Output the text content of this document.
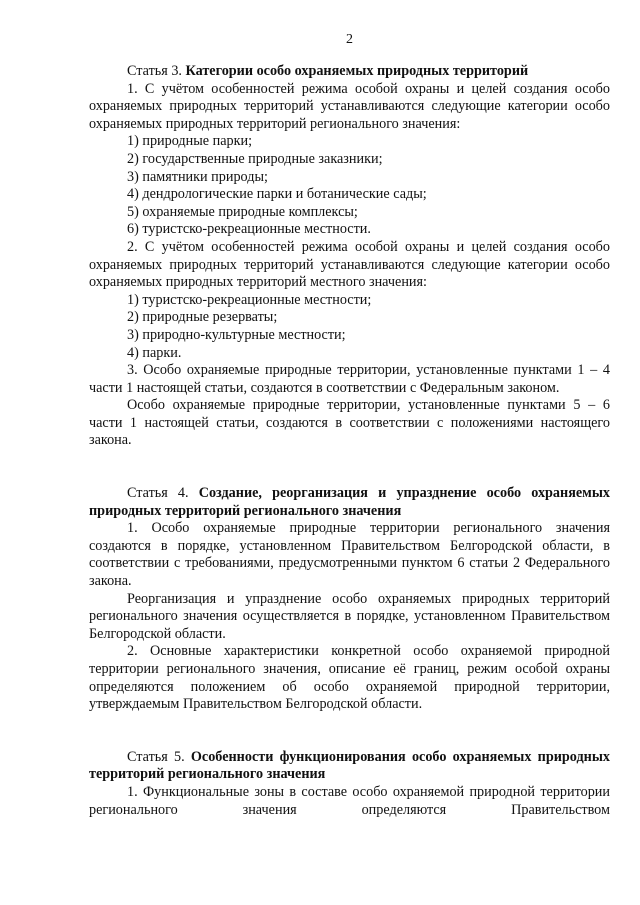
2

Статья 3. Категории особо охраняемых природных территорий

1. С учётом особенностей режима особой охраны и целей создания особо охраняемых природных территорий устанавливаются следующие категории особо охраняемых природных территорий регионального значения:

1) природные парки;

2) государственные природные заказники;

3) памятники природы;

4) дендрологические парки и ботанические сады;

5) охраняемые природные комплексы;

6) туристско-рекреационные местности.

2. С учётом особенностей режима особой охраны и целей создания особо охраняемых природных территорий устанавливаются следующие категории особо охраняемых природных территорий местного значения:

1) туристско-рекреационные местности;

2) природные резерваты;

3) природно-культурные местности;

4) парки.

3. Особо охраняемые природные территории, установленные пунктами 1 – 4 части 1 настоящей статьи, создаются в соответствии с Федеральным законом.

Особо охраняемые природные территории, установленные пунктами 5 – 6 части 1 настоящей статьи, создаются в соответствии с положениями настоящего закона.

Статья 4. Создание, реорганизация и упразднение особо охраняемых природных территорий регионального значения

1. Особо охраняемые природные территории регионального значения создаются в порядке, установленном Правительством Белгородской области, в соответствии с требованиями, предусмотренными пунктом 6 статьи 2 Федерального закона.

Реорганизация и упразднение особо охраняемых природных территорий регионального значения осуществляется в порядке, установленном Правительством Белгородской области.

2. Основные характеристики конкретной особо охраняемой природной территории регионального значения, описание её границ, режим особой охраны определяются положением об особо охраняемой природной территории, утверждаемым Правительством Белгородской области.

Статья 5. Особенности функционирования особо охраняемых природных территорий регионального значения

1. Функциональные зоны в составе особо охраняемой природной территории регионального значения определяются Правительством
